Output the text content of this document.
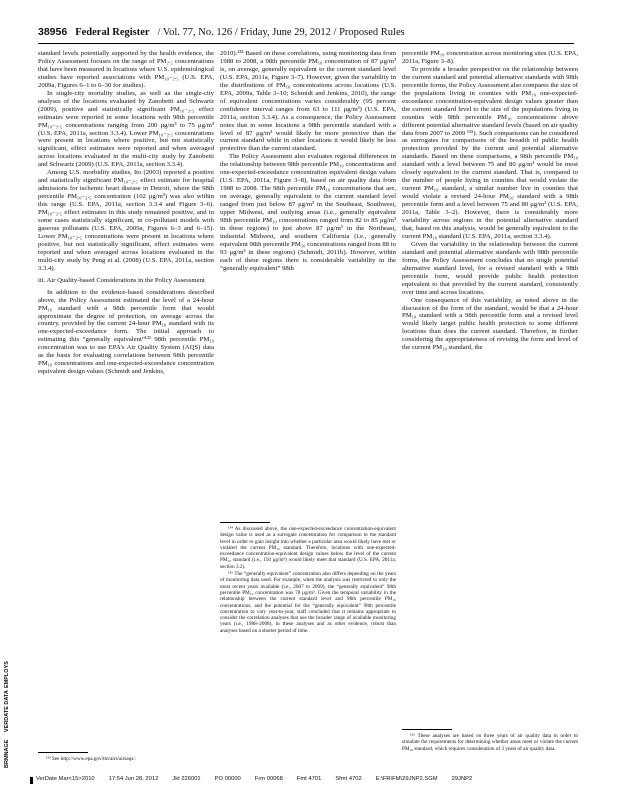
38956 Federal Register / Vol. 77, No. 126 / Friday, June 29, 2012 / Proposed Rules

standard levels potentially supported by the health evidence, the Policy Assessment focuses on the range of PM₂.₅ concentrations that have been measured in locations where U.S. epidemiological studies have reported associations with PM₁₀₋₂.₅ (U.S. EPA, 2009a, Figures 6–1 to 6–30 for studies).

In single-city mortality studies, as well as the single-city analyses of the locations evaluated by Zanobetti and Schwartz (2009), positive and statistically significant PM₁₀₋₂.₅ effect estimates were reported in some locations with 98th percentile PM₁₀₋₂.₅ concentrations ranging from 200 μg/m³ to 75 μg/m³ (U.S. EPA, 2011a, section 3.3.4). Lower PM₁₀₋₂.₅ concentrations were present in locations where positive, but not statistically significant, effect estimates were reported and when averaged across locations evaluated in the multi-city study by Zanobetti and Schwartz (2009) (U.S. EPA, 2011a, section 3.3.4).

Among U.S. morbidity studies, Ito (2003) reported a positive and statistically significant PM₁₀₋₂.₅ effect estimate for hospital admissions for ischemic heart disease in Detroit, where the 98th percentile PM₁₀₋₂.₅ concentration (102 μg/m³) was also within this range (U.S. EPA, 2011a, section 3.3.4 and Figure 3–6). PM₁₀₋₂.₅ effect estimates in this study remained positive, and in some cases statistically significant, in co-pollutant models with gaseous pollutants (U.S. EPA, 2009a, Figures 6–3 and 6–15). Lower PM₁₀₋₂.₅ concentrations were present in locations where positive, but not statistically significant, effect estimates were reported and when averaged across locations evaluated in the multi-city study by Peng et al. (2008) (U.S. EPA, 2011a, section 3.3.4).

iii. Air Quality-based Considerations in the Policy Assessment

In addition to the evidence-based considerations described above, the Policy Assessment estimated the level of a 24-hour PM₁₀ standard with a 98th percentile form that would approximate the degree of protection, on average across the country, provided by the current 24-hour PM₁₀ standard with its one-expected-exceedance form. The initial approach to estimating this “generally equivalent”¹³³ 98th percentile PM₁₀ concentration was to use EPA's Air Quality System (AQS) data as the basis for evaluating correlations between 98th percentile PM₁₀ concentrations and one-expected-exceedance concentration equivalent design values (Schmidt and Jenkins,

2010).¹³⁴ Based on these correlations, using monitoring data from 1988 to 2008, a 98th percentile PM₁₀ concentration of 87 μg/m³ is, on average, generally equivalent to the current standard level (U.S. EPA, 2011a, Figure 3–7). However, given the variability in the distributions of PM₁₀ concentrations across locations (U.S. EPA, 2009a, Table 3–10; Schmidt and Jenkins, 2010), the range of equivalent concentrations varies considerably (95 percent confidence interval ranges from 63 to 111 μg/m³) (U.S. EPA, 2011a, section 3.3.4). As a consequence, the Policy Assessment notes that in some locations a 98th percentile standard with a level of 87 μg/m³ would likely be more protective than the current standard while in other locations it would likely be less protective than the current standard.

The Policy Assessment also evaluates regional differences in the relationship between 98th percentile PM₁₀ concentrations and one-expected-exceedance concentration equivalent design values (U.S. EPA, 2011a, Figure 3–8), based on air quality data from 1988 to 2008. The 98th percentile PM₁₀ concentrations that are, on average, generally equivalent to the current standard level ranged from just below 87 μg/m³ in the Southeast, Southwest, upper Midwest, and outlying areas (i.e., generally equivalent 98th percentile PM₁₀ concentrations ranged from 82 to 85 μg/m³ in these regions) to just above 87 μg/m³ in the Northeast, industrial Midwest, and southern California (i.e., generally equivalent 98th percentile PM₁₀ concentrations ranged from 88 to 93 μg/m³ in these regions) (Schmidt, 2011b). However, within each of these regions there is considerable variability in the “generally equivalent” 98th

percentile PM₁₀ concentration across monitoring sites (U.S. EPA, 2011a, Figure 3–8).

To provide a broader perspective on the relationship between the current standard and potential alternative standards with 98th percentile forms, the Policy Assessment also compares the size of the populations living in counties with PM₁₀ one-expected-exceedance concentration-equivalent design values greater than the current standard level to the size of the populations living in counties with 98th percentile PM₁₀ concentrations above different potential alternative standard levels (based on air quality data from 2007 to 2009 ¹³⁵). Such comparisons can be considered as surrogates for comparisons of the breadth of public health protection provided by the current and potential alternative standards. Based on these comparisons, a 98th percentile PM₁₀ standard with a level between 75 and 80 μg/m³ would be most closely equivalent to the current standard. That is, compared to the number of people living in counties that would violate the current PM₁₀ standard, a similar number live in counties that would violate a revised 24-hour PM₁₀ standard with a 98th percentile form and a level between 75 and 80 μg/m³ (U.S. EPA, 2011a, Table 3–2). However, there is considerably more variability across regions in the potential alternative standard that, based on this analysis, would be generally equivalent to the current PM₁₀ standard (U.S. EPA, 2011a, section 3.3.4).

Given the variability in the relationship between the current standard and potential alternative standards with 98th percentile forms, the Policy Assessment concludes that no single potential alternative standard level, for a revised standard with a 98th percentile form, would provide public health protection equivalent to that provided by the current standard, consistently over time and across locations.

One consequence of this variability, as noted above in the discussion of the form of the standard, would be that a 24-hour PM₁₀ standard with a 98th percentile form and a revised level would likely target public health protection to some different locations than does the current standard. Therefore, in further considering the appropriateness of revising the form and level of the current PM₁₀ standard, the

¹³³ See http://www.epa.gov/ttn/airs/airsaqs/.

¹³⁴ As discussed above, the one-expected-exceedance concentration-equivalent design value is used as a surrogate concentration for comparison to the standard level in order to gain insight into whether a particular area would likely have met or violated the current PM₁₀ standard. Therefore, locations with one-expected-exceedance concentration-equivalent design values below the level of the current PM₁₀ standard (i.e., 150 μg/m³) would likely meet that standard (U.S. EPA, 2011a, section 3.2).

¹³⁵ The “generally equivalent” concentration also differs depending on the years of monitoring data used. For example, when the analysis was restricted to only the most recent years available (i.e., 2007 to 2009), the “generally equivalent” 98th percentile PM₁₀ concentration was 78 μg/m³. Given the temporal variability in the relationship between the current standard level and 98th percentile PM₁₀ concentrations, and the potential for the “generally equivalent” 98th percentile concentration to vary year-to-year, staff concluded that it remains appropriate to consider the correlation analyses that use the broader range of available monitoring years (i.e., 1988–2008), in these analyses and as other evidence, robust than analyses based on a shorter period of time.

¹³⁶ These analyses are based on three years of air quality data in order to simulate the requirements for determining whether areas meet or violate the current PM₁₀ standard, which requires consideration of 3 years of air quality data.

EMPLOYS
VERDATE DATA
BRMNAGE
VerDate Mar<15>2010 17:54 Jun 28, 2012 Jkt 226001 PO 00000 Frm 00068 Fmt 4701 Sfmt 4702 E:\FR\FM\29JNP2.SGM 29JNP2
